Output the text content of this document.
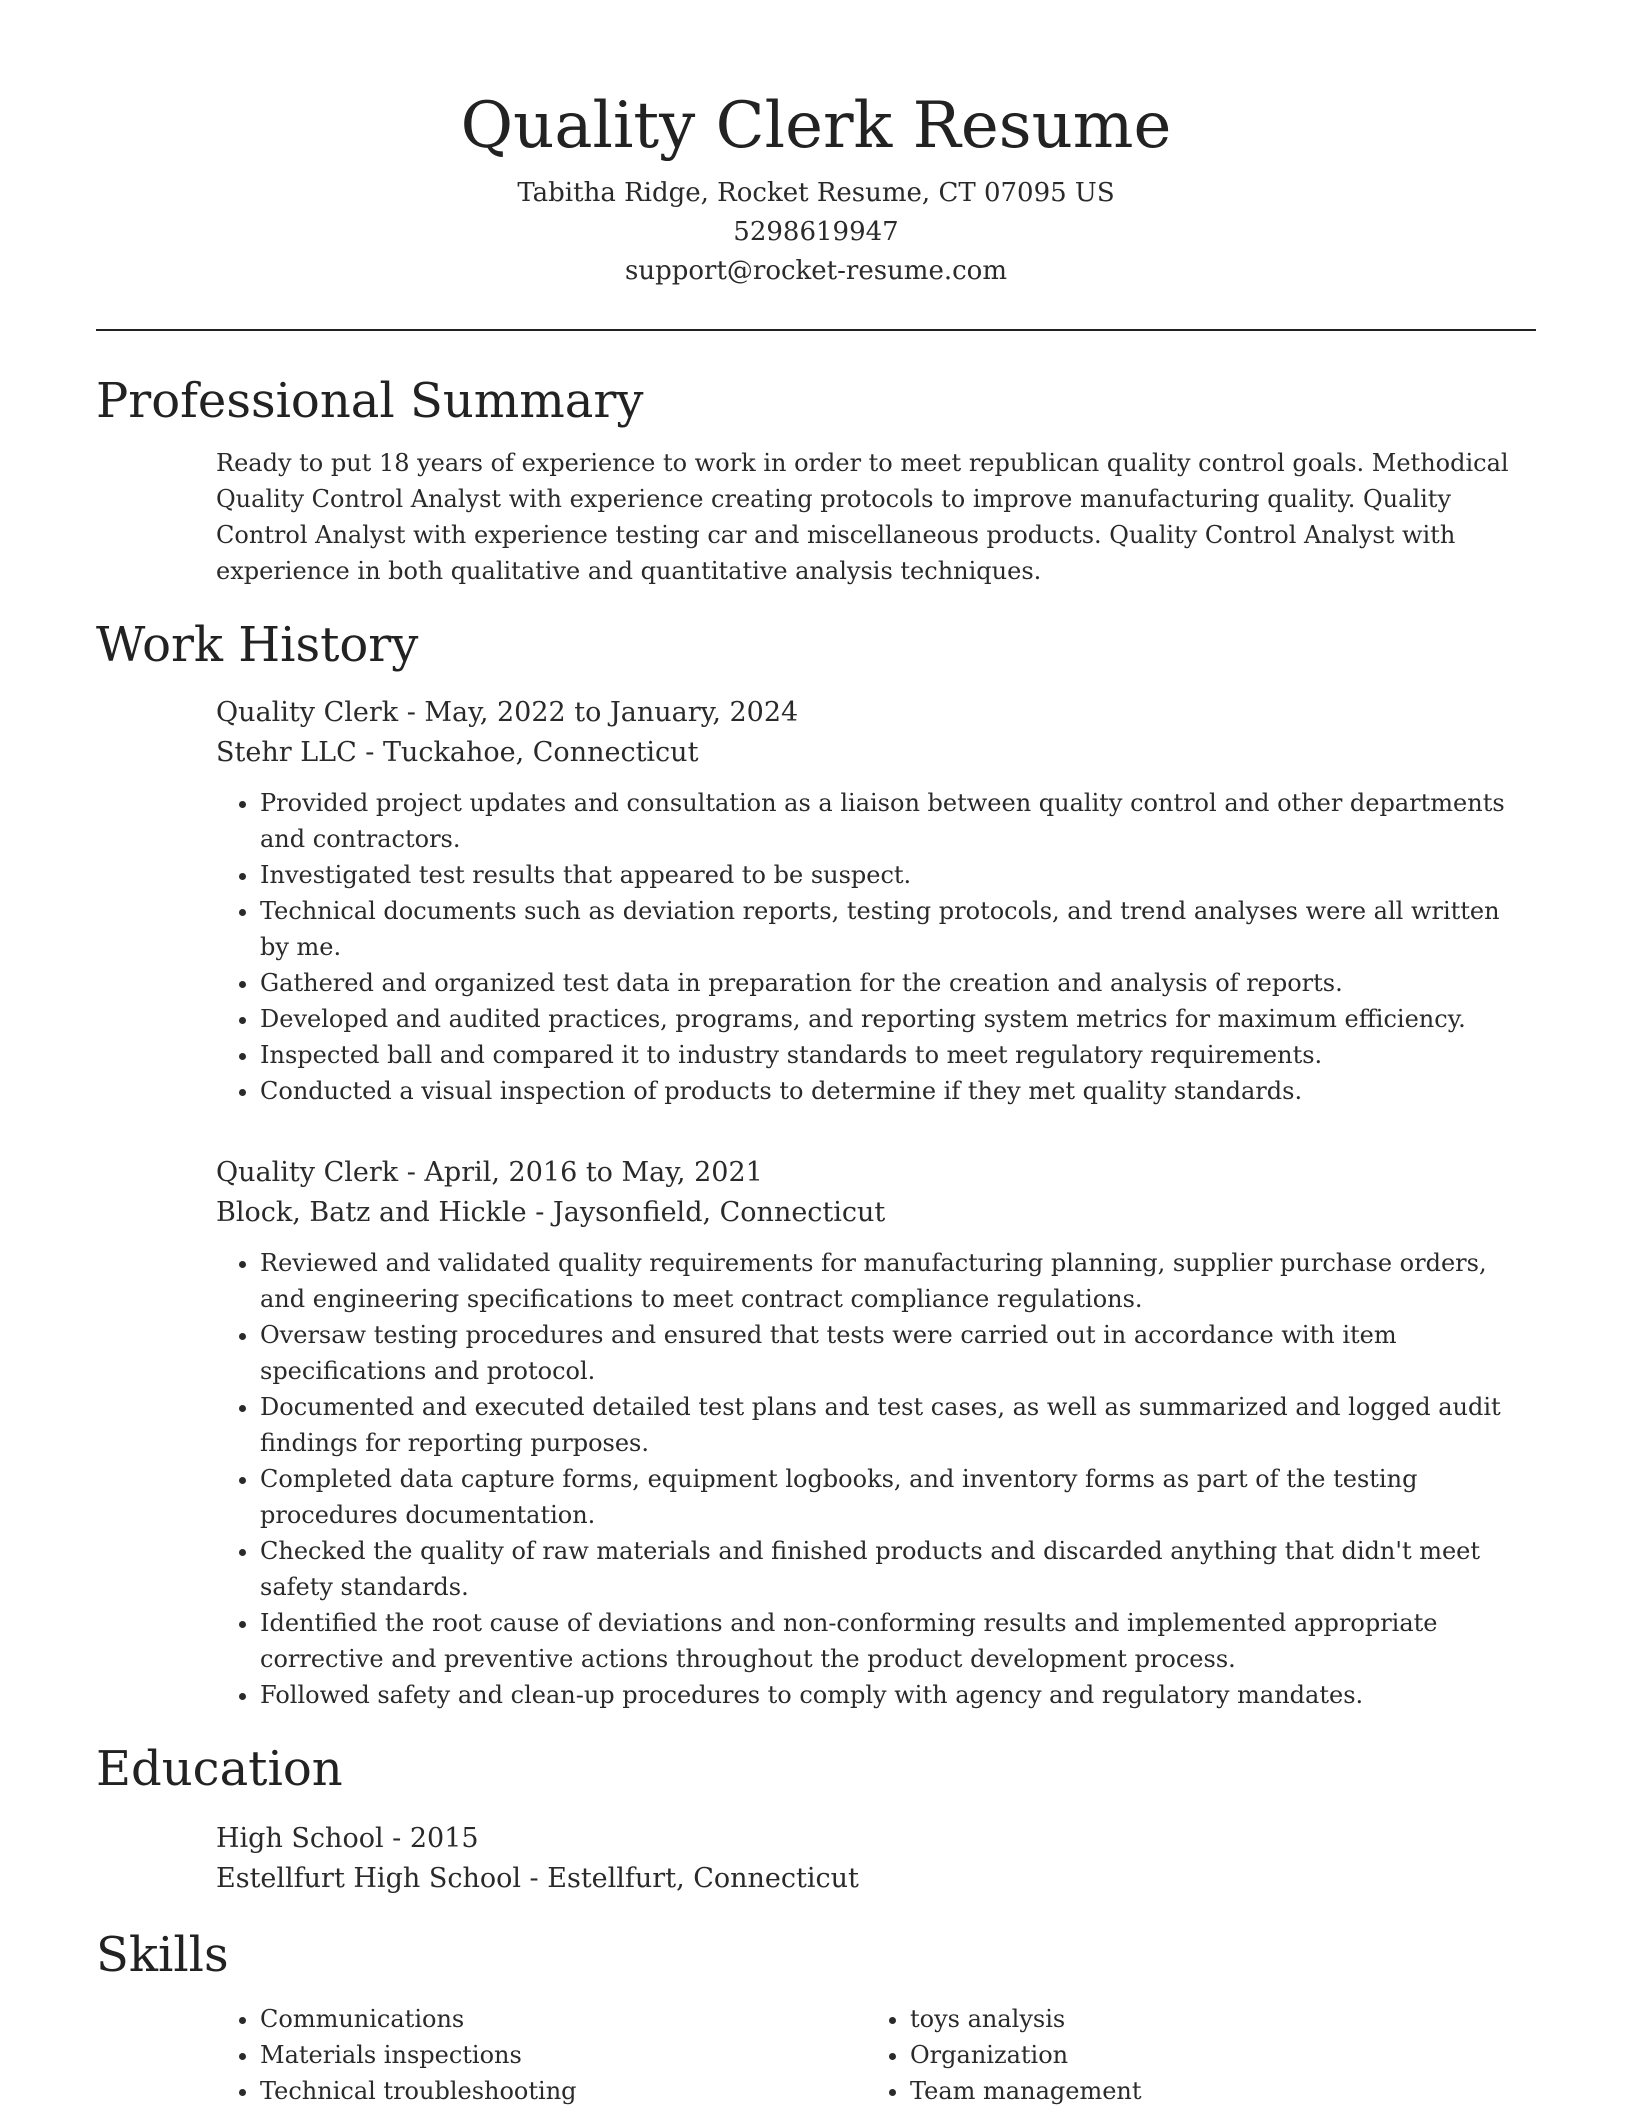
Quality Clerk Resume
Tabitha Ridge, Rocket Resume, CT 07095 US
5298619947
support@rocket-resume.com
Professional Summary
Ready to put 18 years of experience to work in order to meet republican quality control goals. Methodical Quality Control Analyst with experience creating protocols to improve manufacturing quality. Quality Control Analyst with experience testing car and miscellaneous products. Quality Control Analyst with experience in both qualitative and quantitative analysis techniques.
Work History
Quality Clerk - May, 2022 to January, 2024
Stehr LLC - Tuckahoe, Connecticut
• Provided project updates and consultation as a liaison between quality control and other departments and contractors.
• Investigated test results that appeared to be suspect.
• Technical documents such as deviation reports, testing protocols, and trend analyses were all written by me.
• Gathered and organized test data in preparation for the creation and analysis of reports.
• Developed and audited practices, programs, and reporting system metrics for maximum efficiency.
• Inspected ball and compared it to industry standards to meet regulatory requirements.
• Conducted a visual inspection of products to determine if they met quality standards.
Quality Clerk - April, 2016 to May, 2021
Block, Batz and Hickle - Jaysonfield, Connecticut
• Reviewed and validated quality requirements for manufacturing planning, supplier purchase orders, and engineering specifications to meet contract compliance regulations.
• Oversaw testing procedures and ensured that tests were carried out in accordance with item specifications and protocol.
• Documented and executed detailed test plans and test cases, as well as summarized and logged audit findings for reporting purposes.
• Completed data capture forms, equipment logbooks, and inventory forms as part of the testing procedures documentation.
• Checked the quality of raw materials and finished products and discarded anything that didn't meet safety standards.
• Identified the root cause of deviations and non-conforming results and implemented appropriate corrective and preventive actions throughout the product development process.
• Followed safety and clean-up procedures to comply with agency and regulatory mandates.
Education
High School - 2015
Estellfurt High School - Estellfurt, Connecticut
Skills
• Communications
• Materials inspections
• Technical troubleshooting
• toys analysis
• Organization
• Team management
